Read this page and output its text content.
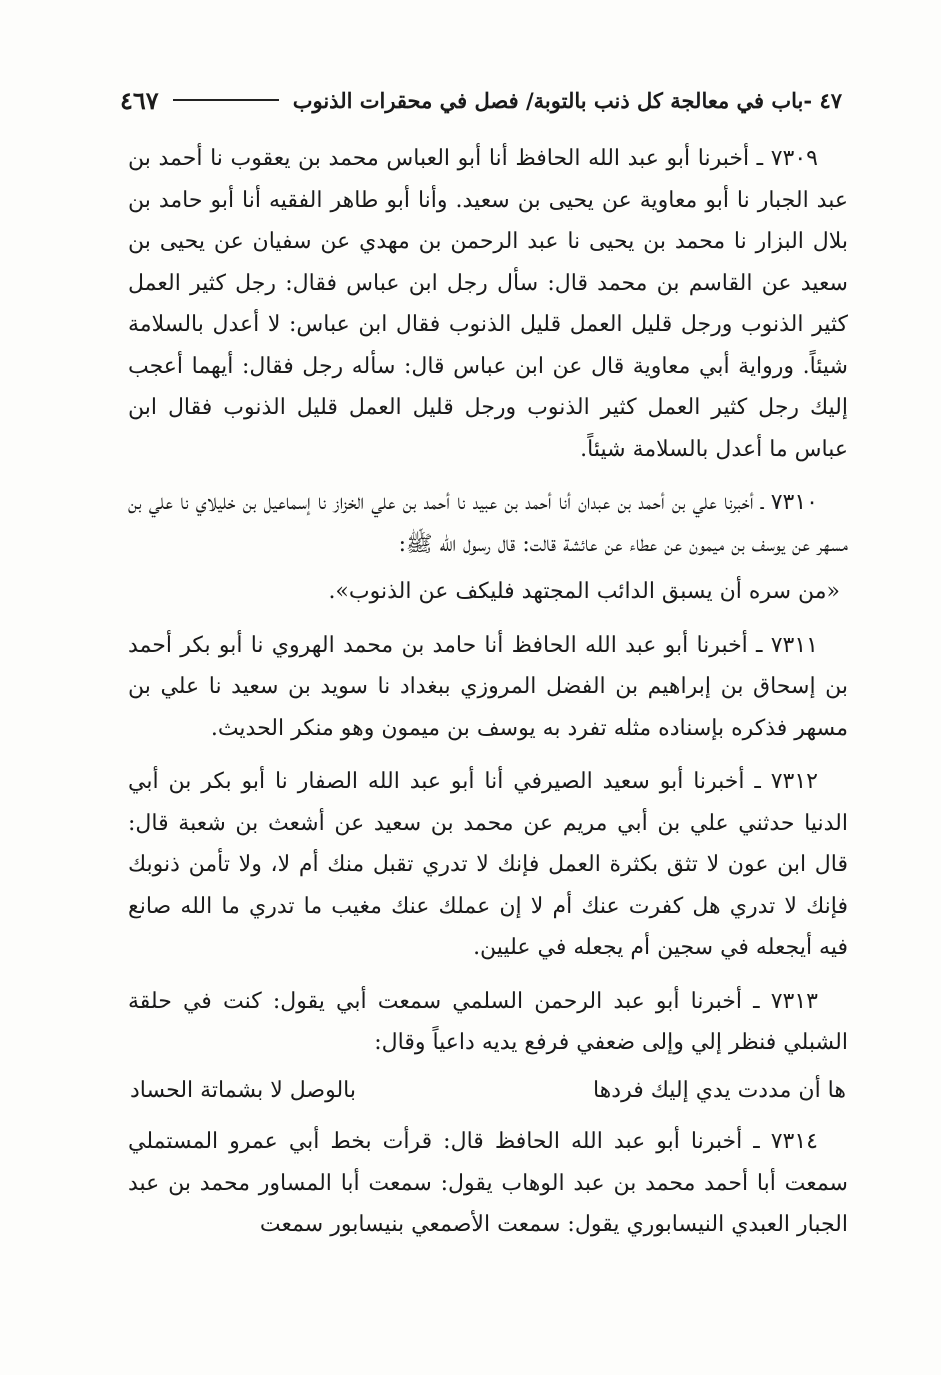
٤٧ -باب في معالجة كل ذنب بالتوبة/ فصل في محقرات الذنوب
٤٦٧

٧٣٠٩ ـ أخبرنا أبو عبد الله الحافظ أنا أبو العباس محمد بن يعقوب نا أحمد بن عبد الجبار نا أبو معاوية عن يحيى بن سعيد. وأنا أبو طاهر الفقيه أنا أبو حامد بن بلال البزار نا محمد بن يحيى نا عبد الرحمن بن مهدي عن سفيان عن يحيى بن سعيد عن القاسم بن محمد قال: سأل رجل ابن عباس فقال: رجل كثير العمل كثير الذنوب ورجل قليل العمل قليل الذنوب فقال ابن عباس: لا أعدل بالسلامة شيئاً. ورواية أبي معاوية قال عن ابن عباس قال: سأله رجل فقال: أيهما أعجب إليك رجل كثير العمل كثير الذنوب ورجل قليل العمل قليل الذنوب فقال ابن عباس ما أعدل بالسلامة شيئاً.

٧٣١٠ ـ أخبرنا علي بن أحمد بن عبدان أنا أحمد بن عبيد نا أحمد بن علي الخزاز نا إسماعيل بن خليلاي نا علي بن مسهر عن يوسف بن ميمون عن عطاء عن عائشة قالت: قال رسول الله ﷺ:

«من سره أن يسبق الدائب المجتهد فليكف عن الذنوب».

٧٣١١ ـ أخبرنا أبو عبد الله الحافظ أنا حامد بن محمد الهروي نا أبو بكر أحمد بن إسحاق بن إبراهيم بن الفضل المروزي ببغداد نا سويد بن سعيد نا علي بن مسهر فذكره بإسناده مثله تفرد به يوسف بن ميمون وهو منكر الحديث.

٧٣١٢ ـ أخبرنا أبو سعيد الصيرفي أنا أبو عبد الله الصفار نا أبو بكر بن أبي الدنيا حدثني علي بن أبي مريم عن محمد بن سعيد عن أشعث بن شعبة قال: قال ابن عون لا تثق بكثرة العمل فإنك لا تدري تقبل منك أم لا، ولا تأمن ذنوبك فإنك لا تدري هل كفرت عنك أم لا إن عملك عنك مغيب ما تدري ما الله صانع فيه أيجعله في سجين أم يجعله في عليين.

٧٣١٣ ـ أخبرنا أبو عبد الرحمن السلمي سمعت أبي يقول: كنت في حلقة الشبلي فنظر إلي وإلى ضعفي فرفع يديه داعياً وقال:

ها أن مددت يدي إليك فردها
بالوصل لا بشماتة الحساد

٧٣١٤ ـ أخبرنا أبو عبد الله الحافظ قال: قرأت بخط أبي عمرو المستملي سمعت أبا أحمد محمد بن عبد الوهاب يقول: سمعت أبا المساور محمد بن عبد الجبار العبدي النيسابوري يقول: سمعت الأصمعي بنيسابور سمعت
